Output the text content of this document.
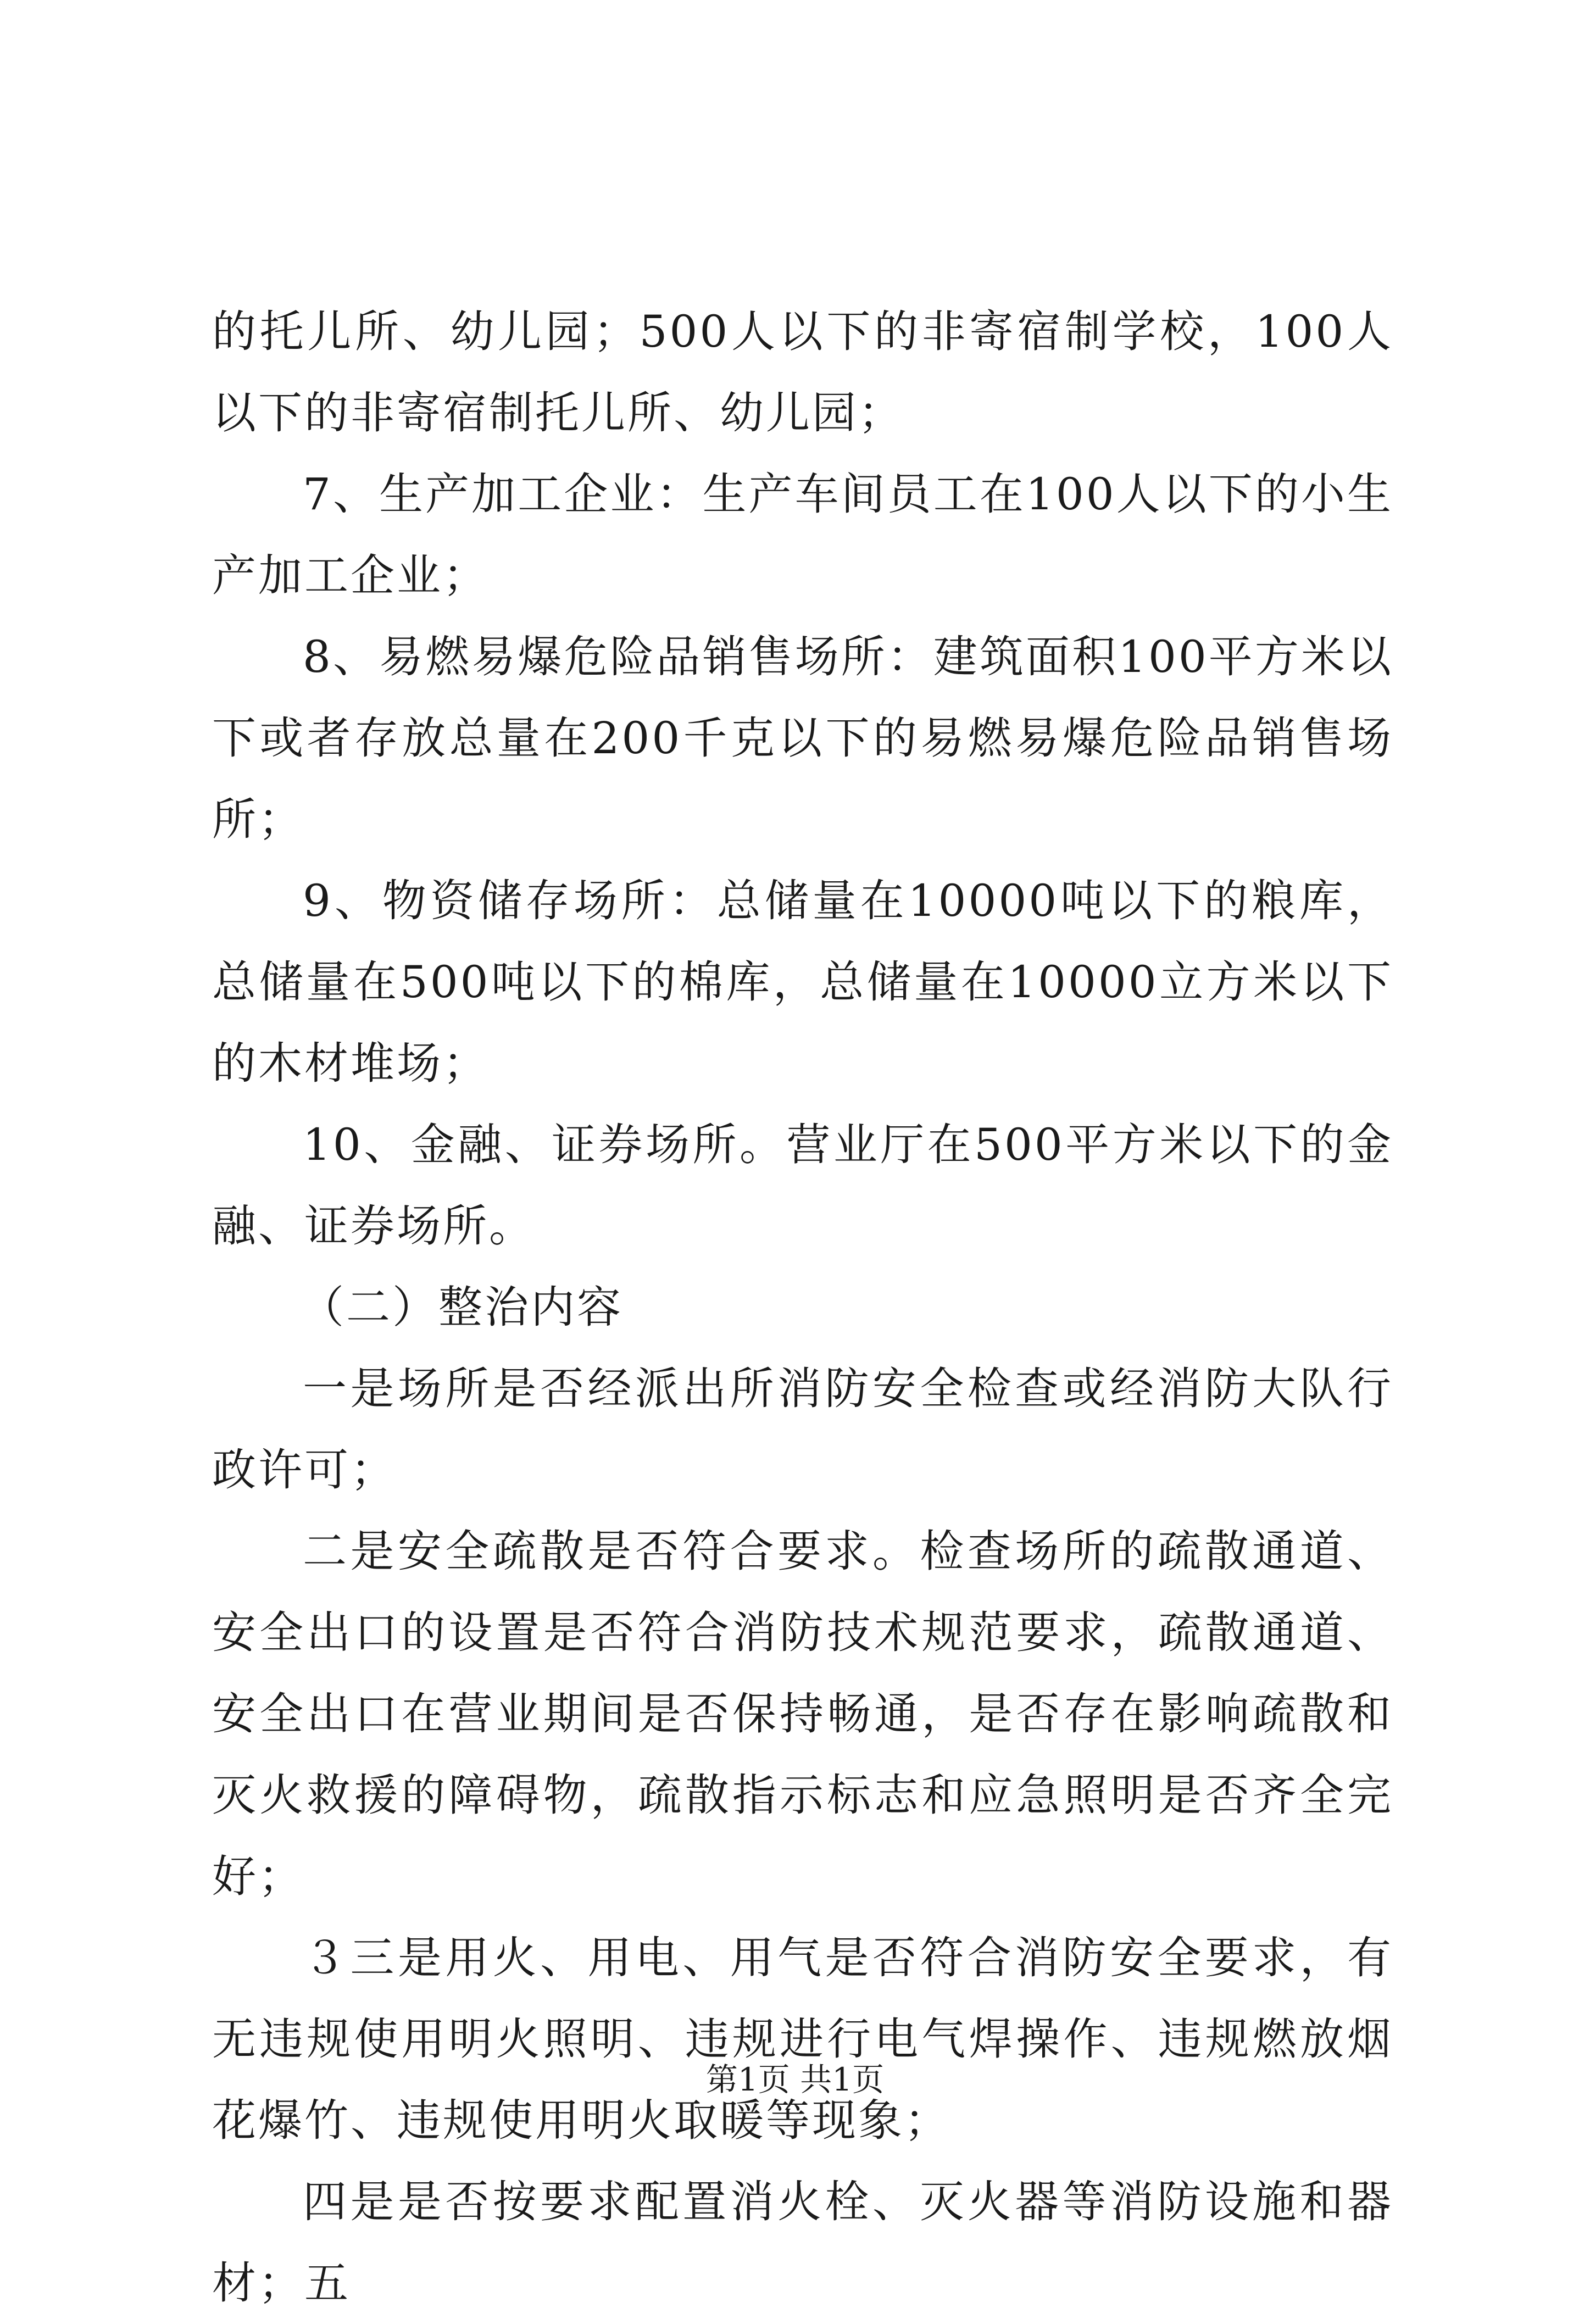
的托儿所、幼儿园；500人以下的非寄宿制学校，100人以下的非寄宿制托儿所、幼儿园；

7、生产加工企业：生产车间员工在100人以下的小生产加工企业；

8、易燃易爆危险品销售场所：建筑面积100平方米以下或者存放总量在200千克以下的易燃易爆危险品销售场所；

9、物资储存场所：总储量在10000吨以下的粮库，总储量在500吨以下的棉库，总储量在10000立方米以下的木材堆场；

10、金融、证券场所。营业厅在500平方米以下的金融、证券场所。

（二）整治内容

一是场所是否经派出所消防安全检查或经消防大队行政许可；

二是安全疏散是否符合要求。检查场所的疏散通道、安全出口的设置是否符合消防技术规范要求，疏散通道、安全出口在营业期间是否保持畅通，是否存在影响疏散和灭火救援的障碍物，疏散指示标志和应急照明是否齐全完好；

３三是用火、用电、用气是否符合消防安全要求，有无违规使用明火照明、违规进行电气焊操作、违规燃放烟花爆竹、违规使用明火取暖等现象；

四是是否按要求配置消火栓、灭火器等消防设施和器材；五

第1页 共1页
